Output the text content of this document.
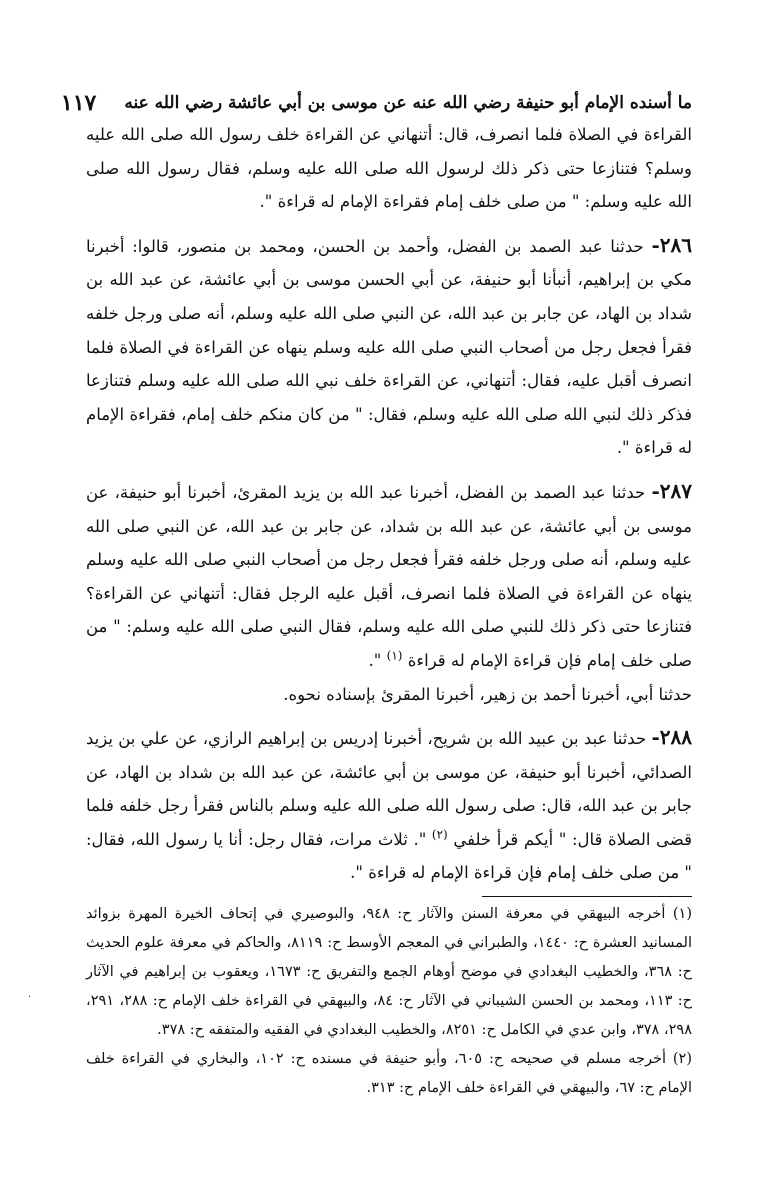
ما أسنده الإمام أبو حنيفة رضي الله عنه عن موسى بن أبي عائشة رضي الله عنه
١١٧

القراءة في الصلاة فلما انصرف، قال: أتنهاني عن القراءة خلف رسول الله صلى الله عليه وسلم؟ فتنازعا حتى ذكر ذلك لرسول الله صلى الله عليه وسلم، فقال رسول الله صلى الله عليه وسلم: " من صلى خلف إمام فقراءة الإمام له قراءة ".

٢٨٦- حدثنا عبد الصمد بن الفضل، وأحمد بن الحسن، ومحمد بن منصور، قالوا: أخبرنا مكي بن إبراهيم، أنبأنا أبو حنيفة، عن أبي الحسن موسى بن أبي عائشة، عن عبد الله بن شداد بن الهاد، عن جابر بن عبد الله، عن النبي صلى الله عليه وسلم، أنه صلى ورجل خلفه فقرأ فجعل رجل من أصحاب النبي صلى الله عليه وسلم ينهاه عن القراءة في الصلاة فلما انصرف أقبل عليه، فقال: أتنهاني، عن القراءة خلف نبي الله صلى الله عليه وسلم فتنازعا فذكر ذلك لنبي الله صلى الله عليه وسلم، فقال: " من كان منكم خلف إمام، فقراءة الإمام له قراءة ".

٢٨٧- حدثنا عبد الصمد بن الفضل، أخبرنا عبد الله بن يزيد المقرئ، أخبرنا أبو حنيفة، عن موسى بن أبي عائشة، عن عبد الله بن شداد، عن جابر بن عبد الله، عن النبي صلى الله عليه وسلم، أنه صلى ورجل خلفه فقرأ فجعل رجل من أصحاب النبي صلى الله عليه وسلم ينهاه عن القراءة في الصلاة فلما انصرف، أقبل عليه الرجل فقال: أتنهاني عن القراءة؟ فتنازعا حتى ذكر ذلك للنبي صلى الله عليه وسلم، فقال النبي صلى الله عليه وسلم: " من صلى خلف إمام فإن قراءة الإمام له قراءة $^{(١)}$ ".

حدثنا أبي، أخبرنا أحمد بن زهير، أخبرنا المقرئ بإسناده نحوه.

٢٨٨- حدثنا عبد بن عبيد الله بن شريح، أخبرنا إدريس بن إبراهيم الرازي، عن علي بن يزيد الصدائي، أخبرنا أبو حنيفة، عن موسى بن أبي عائشة، عن عبد الله بن شداد بن الهاد، عن جابر بن عبد الله، قال: صلى رسول الله صلى الله عليه وسلم بالناس فقرأ رجل خلفه فلما قضى الصلاة قال: " أيكم قرأ خلفي $^{(٢)}$ ". ثلاث مرات، فقال رجل: أنا يا رسول الله، فقال: " من صلى خلف إمام فإن قراءة الإمام له قراءة ".

(١) أخرجه البيهقي في معرفة السنن والآثار ح: ٩٤٨، والبوصيري في إتحاف الخيرة المهرة بزوائد المسانيد العشرة ح: ١٤٤٠، والطبراني في المعجم الأوسط ح: ٨١١٩، والحاكم في معرفة علوم الحديث ح: ٣٦٨، والخطيب البغدادي في موضح أوهام الجمع والتفريق ح: ١٦٧٣، ويعقوب بن إبراهيم في الآثار ح: ١١٣، ومحمد بن الحسن الشيباني في الآثار ح: ٨٤، والبيهقي في القراءة خلف الإمام ح: ٢٨٨، ٢٩١، ٢٩٨، ٣٧٨، وابن عدي في الكامل ح: ٨٢٥١، والخطيب البغدادي في الفقيه والمتفقه ح: ٣٧٨.

(٢) أخرجه مسلم في صحيحه ح: ٦٠٥، وأبو حنيفة في مسنده ح: ١٠٢، والبخاري في القراءة خلف الإمام ح: ٦٧، والبيهقي في القراءة خلف الإمام ح: ٣١٣.

·
